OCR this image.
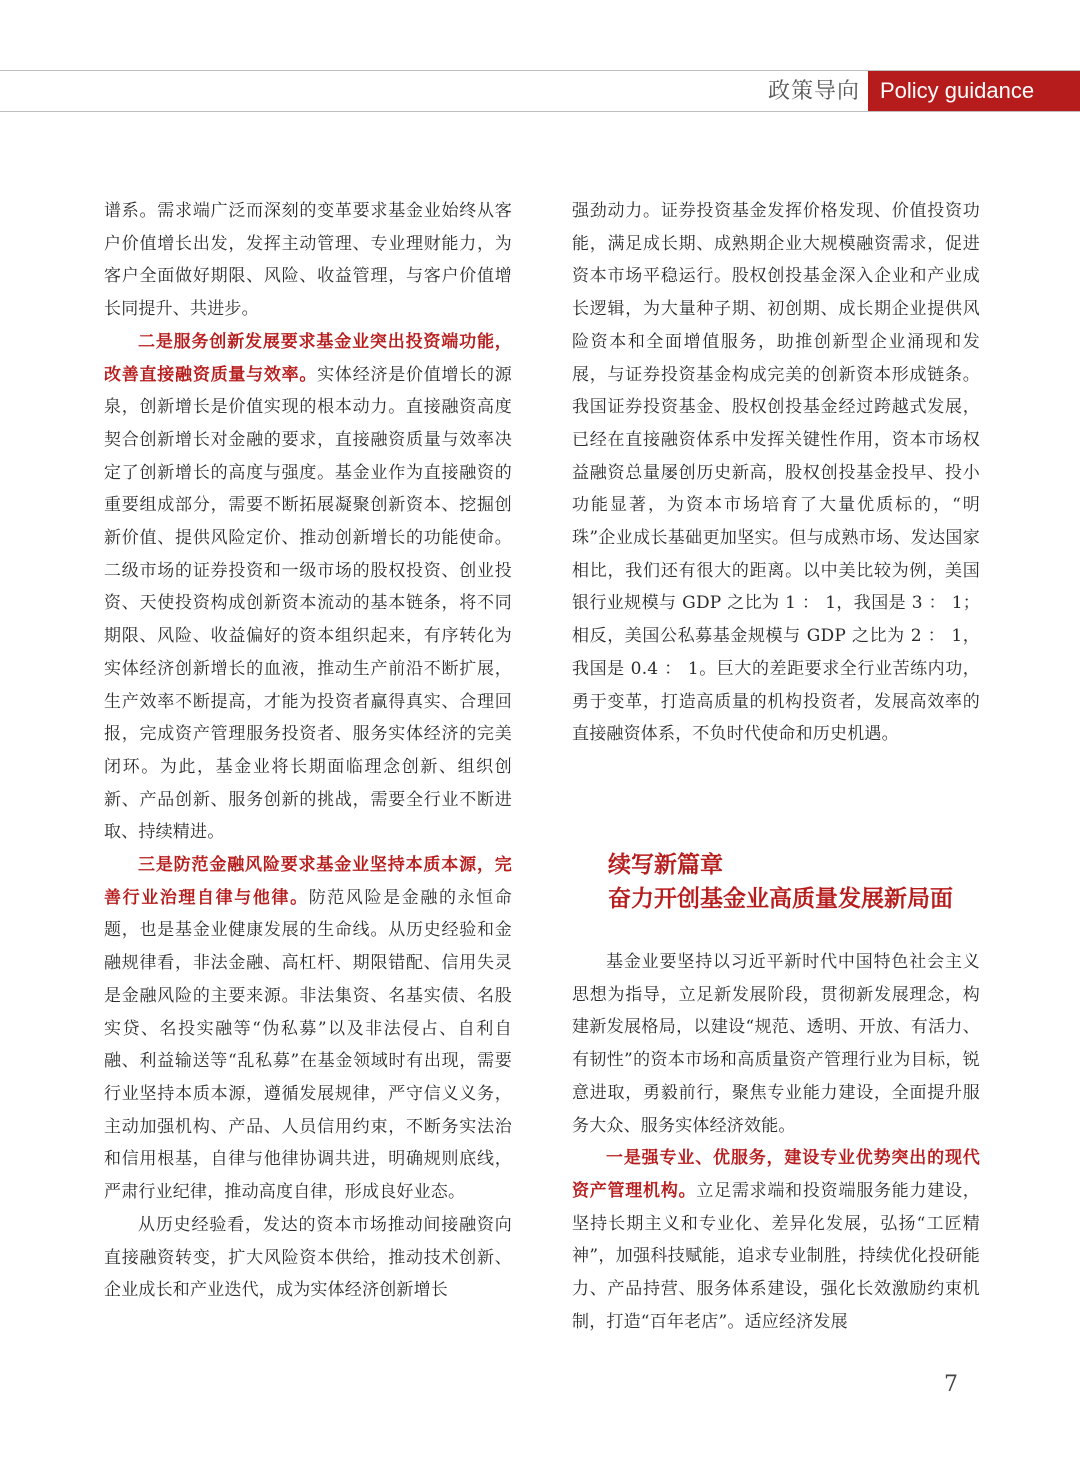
政策导向 Policy guidance

谱系。需求端广泛而深刻的变革要求基金业始终从客户价值增长出发，发挥主动管理、专业理财能力，为客户全面做好期限、风险、收益管理，与客户价值增长同提升、共进步。

二是服务创新发展要求基金业突出投资端功能，改善直接融资质量与效率。实体经济是价值增长的源泉，创新增长是价值实现的根本动力。直接融资高度契合创新增长对金融的要求，直接融资质量与效率决定了创新增长的高度与强度。基金业作为直接融资的重要组成部分，需要不断拓展凝聚创新资本、挖掘创新价值、提供风险定价、推动创新增长的功能使命。二级市场的证券投资和一级市场的股权投资、创业投资、天使投资构成创新资本流动的基本链条，将不同期限、风险、收益偏好的资本组织起来，有序转化为实体经济创新增长的血液，推动生产前沿不断扩展，生产效率不断提高，才能为投资者赢得真实、合理回报，完成资产管理服务投资者、服务实体经济的完美闭环。为此，基金业将长期面临理念创新、组织创新、产品创新、服务创新的挑战，需要全行业不断进取、持续精进。

三是防范金融风险要求基金业坚持本质本源，完善行业治理自律与他律。防范风险是金融的永恒命题，也是基金业健康发展的生命线。从历史经验和金融规律看，非法金融、高杠杆、期限错配、信用失灵是金融风险的主要来源。非法集资、名基实债、名股实贷、名投实融等“伪私募”以及非法侵占、自利自融、利益输送等“乱私募”在基金领域时有出现，需要行业坚持本质本源，遵循发展规律，严守信义义务，主动加强机构、产品、人员信用约束，不断务实法治和信用根基，自律与他律协调共进，明确规则底线，严肃行业纪律，推动高度自律，形成良好业态。

从历史经验看，发达的资本市场推动间接融资向直接融资转变，扩大风险资本供给，推动技术创新、企业成长和产业迭代，成为实体经济创新增长

强劲动力。证券投资基金发挥价格发现、价值投资功能，满足成长期、成熟期企业大规模融资需求，促进资本市场平稳运行。股权创投基金深入企业和产业成长逻辑，为大量种子期、初创期、成长期企业提供风险资本和全面增值服务，助推创新型企业涌现和发展，与证券投资基金构成完美的创新资本形成链条。我国证券投资基金、股权创投基金经过跨越式发展，已经在直接融资体系中发挥关键性作用，资本市场权益融资总量屡创历史新高，股权创投基金投早、投小功能显著，为资本市场培育了大量优质标的，“明珠”企业成长基础更加坚实。但与成熟市场、发达国家相比，我们还有很大的距离。以中美比较为例，美国银行业规模与 GDP 之比为 1 ： 1，我国是 3 ： 1；相反，美国公私募基金规模与 GDP 之比为 2 ： 1，我国是 0.4 ： 1。巨大的差距要求全行业苦练内功，勇于变革，打造高质量的机构投资者，发展高效率的直接融资体系，不负时代使命和历史机遇。

续写新篇章
奋力开创基金业高质量发展新局面

基金业要坚持以习近平新时代中国特色社会主义思想为指导，立足新发展阶段，贯彻新发展理念，构建新发展格局，以建设“规范、透明、开放、有活力、有韧性”的资本市场和高质量资产管理行业为目标，锐意进取，勇毅前行，聚焦专业能力建设，全面提升服务大众、服务实体经济效能。

一是强专业、优服务，建设专业优势突出的现代资产管理机构。立足需求端和投资端服务能力建设，坚持长期主义和专业化、差异化发展，弘扬“工匠精神”，加强科技赋能，追求专业制胜，持续优化投研能力、产品持营、服务体系建设，强化长效激励约束机制，打造“百年老店”。适应经济发展

7
